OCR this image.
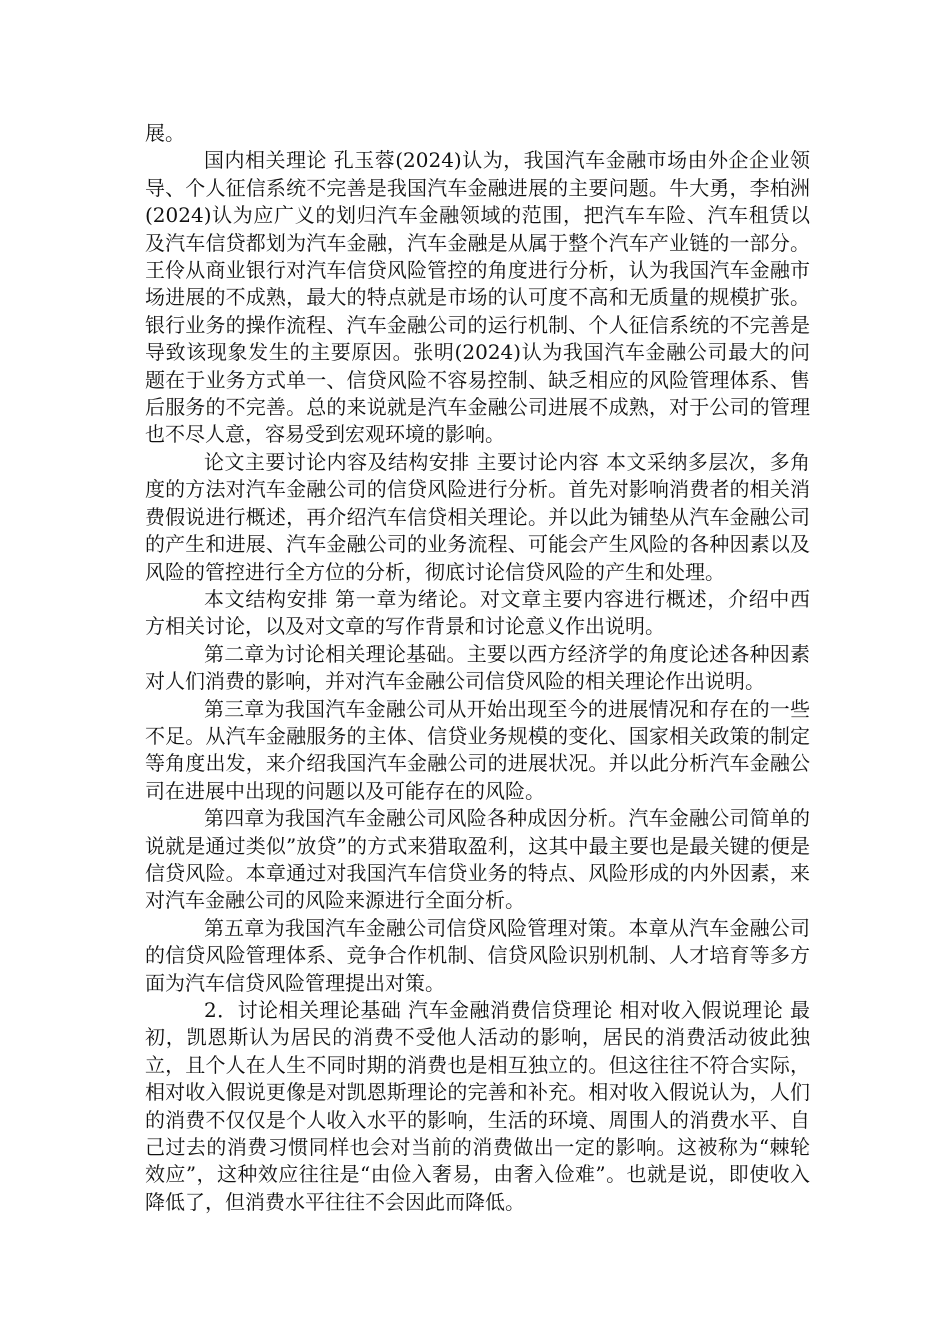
展。

国内相关理论 孔玉蓉(2024)认为，我国汽车金融市场由外企企业领导、个人征信系统不完善是我国汽车金融进展的主要问题。牛大勇，李柏洲(2024)认为应广义的划归汽车金融领域的范围，把汽车车险、汽车租赁以及汽车信贷都划为汽车金融，汽车金融是从属于整个汽车产业链的一部分。王伶从商业银行对汽车信贷风险管控的角度进行分析，认为我国汽车金融市场进展的不成熟，最大的特点就是市场的认可度不高和无质量的规模扩张。银行业务的操作流程、汽车金融公司的运行机制、个人征信系统的不完善是导致该现象发生的主要原因。张明(2024)认为我国汽车金融公司最大的问题在于业务方式单一、信贷风险不容易控制、缺乏相应的风险管理体系、售后服务的不完善。总的来说就是汽车金融公司进展不成熟，对于公司的管理也不尽人意，容易受到宏观环境的影响。

论文主要讨论内容及结构安排 主要讨论内容 本文采纳多层次，多角度的方法对汽车金融公司的信贷风险进行分析。首先对影响消费者的相关消费假说进行概述，再介绍汽车信贷相关理论。并以此为铺垫从汽车金融公司的产生和进展、汽车金融公司的业务流程、可能会产生风险的各种因素以及风险的管控进行全方位的分析，彻底讨论信贷风险的产生和处理。

本文结构安排 第一章为绪论。对文章主要内容进行概述，介绍中西方相关讨论，以及对文章的写作背景和讨论意义作出说明。

第二章为讨论相关理论基础。主要以西方经济学的角度论述各种因素对人们消费的影响，并对汽车金融公司信贷风险的相关理论作出说明。

第三章为我国汽车金融公司从开始出现至今的进展情况和存在的一些不足。从汽车金融服务的主体、信贷业务规模的变化、国家相关政策的制定等角度出发，来介绍我国汽车金融公司的进展状况。并以此分析汽车金融公司在进展中出现的问题以及可能存在的风险。

第四章为我国汽车金融公司风险各种成因分析。汽车金融公司简单的说就是通过类似”放贷”的方式来猎取盈利，这其中最主要也是最关键的便是信贷风险。本章通过对我国汽车信贷业务的特点、风险形成的内外因素，来对汽车金融公司的风险来源进行全面分析。

第五章为我国汽车金融公司信贷风险管理对策。本章从汽车金融公司的信贷风险管理体系、竞争合作机制、信贷风险识别机制、人才培育等多方面为汽车信贷风险管理提出对策。

2．讨论相关理论基础 汽车金融消费信贷理论 相对收入假说理论 最初，凯恩斯认为居民的消费不受他人活动的影响，居民的消费活动彼此独立，且个人在人生不同时期的消费也是相互独立的。但这往往不符合实际，相对收入假说更像是对凯恩斯理论的完善和补充。相对收入假说认为，人们的消费不仅仅是个人收入水平的影响，生活的环境、周围人的消费水平、自己过去的消费习惯同样也会对当前的消费做出一定的影响。这被称为“棘轮效应”，这种效应往往是“由俭入奢易，由奢入俭难”。也就是说，即使收入降低了，但消费水平往往不会因此而降低。
